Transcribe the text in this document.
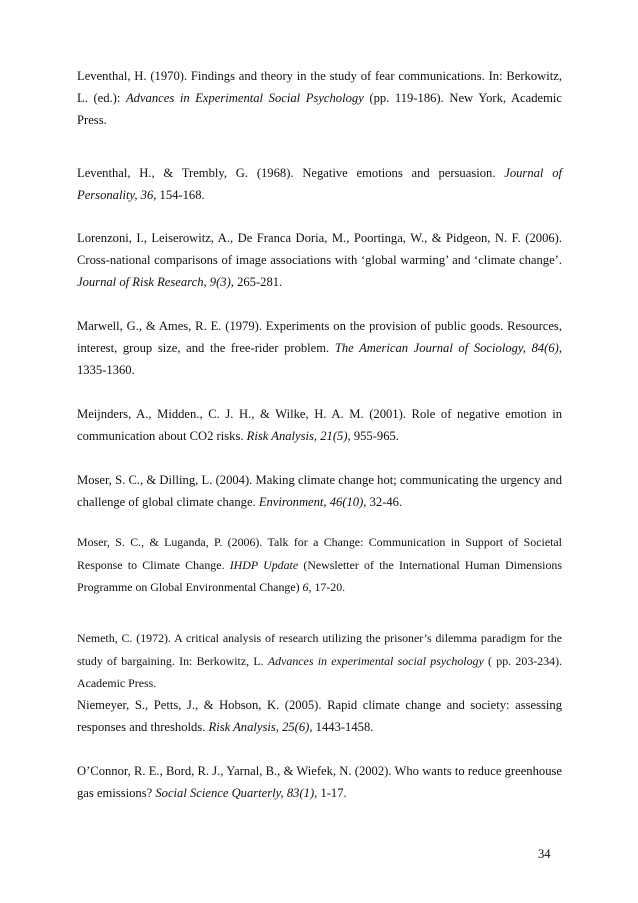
Leventhal, H. (1970). Findings and theory in the study of fear communications. In: Berkowitz, L. (ed.): Advances in Experimental Social Psychology (pp. 119-186). New York, Academic Press.

Leventhal, H., & Trembly, G. (1968). Negative emotions and persuasion. Journal of Personality, 36, 154-168.

Lorenzoni, I., Leiserowitz, A., De Franca Doria, M., Poortinga, W., & Pidgeon, N. F. (2006). Cross-national comparisons of image associations with ‘global warming’ and ‘climate change’. Journal of Risk Research, 9(3), 265-281.

Marwell, G., & Ames, R. E. (1979). Experiments on the provision of public goods. Resources, interest, group size, and the free-rider problem. The American Journal of Sociology, 84(6), 1335-1360.

Meijnders, A., Midden., C. J. H., & Wilke, H. A. M. (2001). Role of negative emotion in communication about CO2 risks. Risk Analysis, 21(5), 955-965.

Moser, S. C., & Dilling, L. (2004). Making climate change hot; communicating the urgency and challenge of global climate change. Environment, 46(10), 32-46.

Moser, S. C., & Luganda, P. (2006). Talk for a Change: Communication in Support of Societal Response to Climate Change. IHDP Update (Newsletter of the International Human Dimensions Programme on Global Environmental Change) 6, 17-20.

Nemeth, C. (1972). A critical analysis of research utilizing the prisoner’s dilemma paradigm for the study of bargaining. In: Berkowitz, L. Advances in experimental social psychology ( pp. 203-234). Academic Press.

Niemeyer, S., Petts, J., & Hobson, K. (2005). Rapid climate change and society: assessing responses and thresholds. Risk Analysis, 25(6), 1443-1458.

O’Connor, R. E., Bord, R. J., Yarnal, B., & Wiefek, N. (2002). Who wants to reduce greenhouse gas emissions? Social Science Quarterly, 83(1), 1-17.

34
